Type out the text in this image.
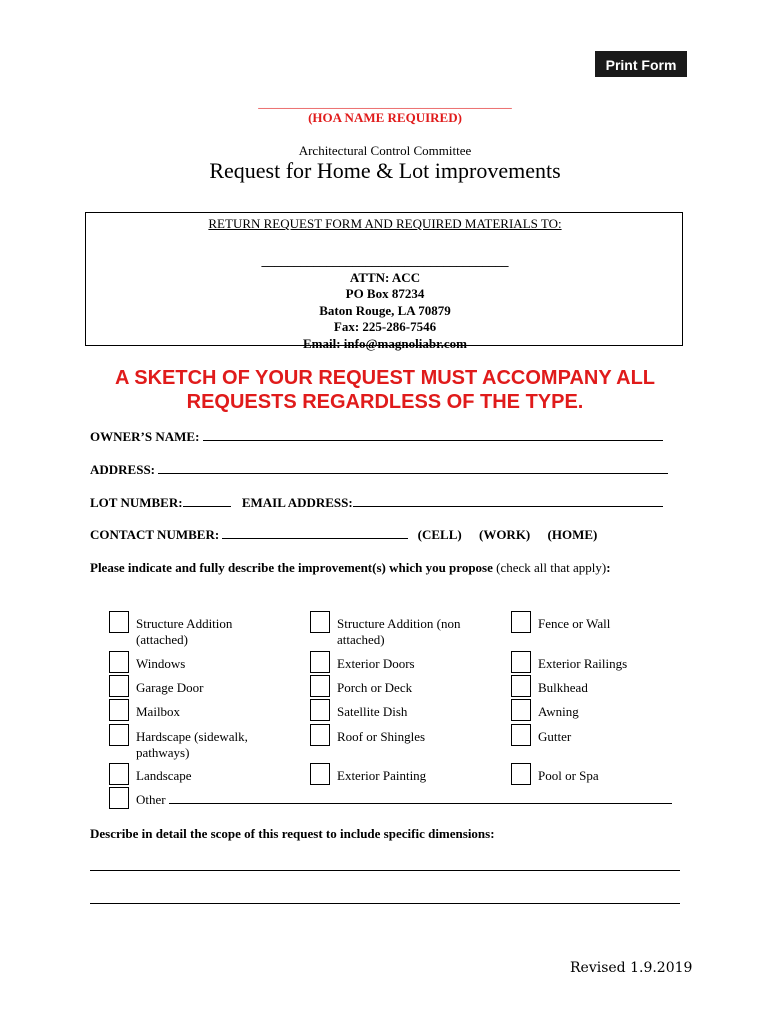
Print Form
_______________________________________
(HOA NAME REQUIRED)
Architectural Control Committee
Request for Home & Lot improvements
RETURN REQUEST FORM AND REQUIRED MATERIALS TO:
______________________________________
ATTN: ACC
PO Box 87234
Baton Rouge, LA 70879
Fax: 225-286-7546
Email: info@magnoliabr.com
A SKETCH OF YOUR REQUEST MUST ACCOMPANY ALL
REQUESTS REGARDLESS OF THE TYPE.
OWNER’S NAME:
ADDRESS:
LOT NUMBER:	EMAIL ADDRESS:
CONTACT NUMBER:	(CELL) (WORK) (HOME)
Please indicate and fully describe the improvement(s) which you propose (check all that apply):
Structure Addition
(attached)
Windows
Garage Door
Mailbox
Hardscape (sidewalk,
pathways)
Landscape
Other
Structure Addition (non
attached)
Exterior Doors
Porch or Deck
Satellite Dish
Roof or Shingles
Exterior Painting
Fence or Wall
Exterior Railings
Bulkhead
Awning
Gutter
Pool or Spa
Describe in detail the scope of this request to include specific dimensions:
Revised 1.9.2019
